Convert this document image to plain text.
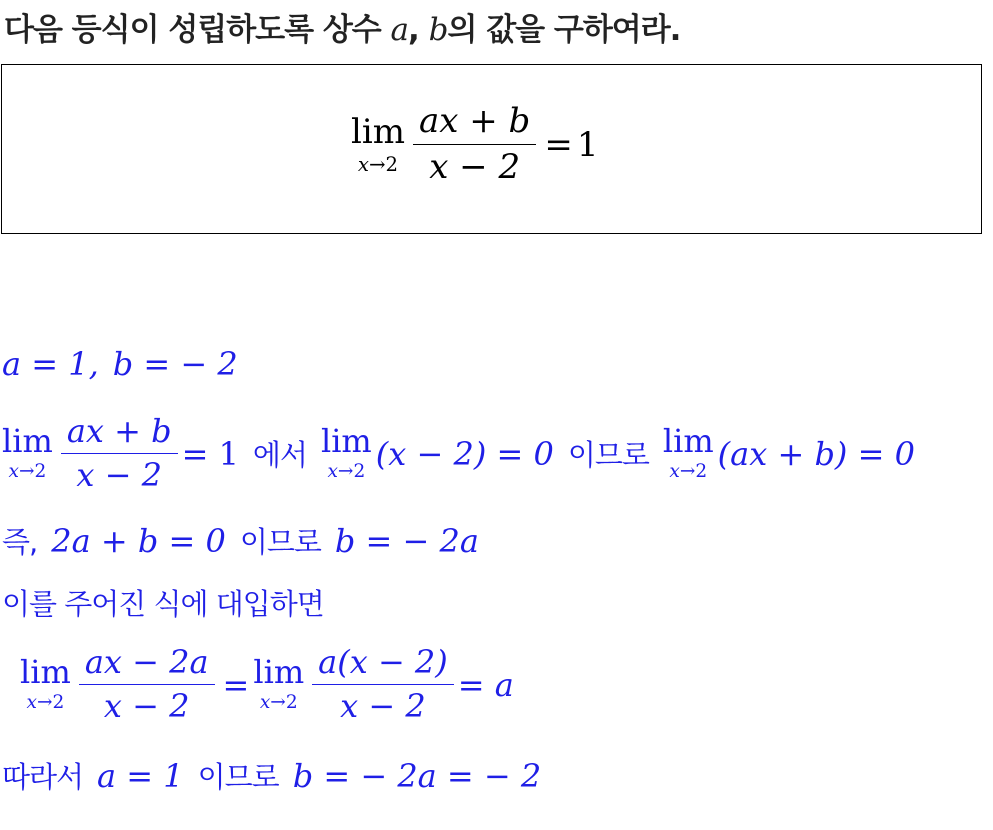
다음 등식이 성립하도록 상수 a, b의 값을 구하여라.
lim
$x\to 2 \frac{ax + b}{x - 2} = 1$
a = 1, b = − 2
lim
$x\to 2 \frac{ax + b}{x - 2} = 1$ 에서 lim
x→2 (x − 2) = 0 이므로 lim
x→2 (ax + b) = 0
즉, 2a + b = 0 이므로 b = − 2a
이를 주어진 식에 대입하면
lim
$x\to 2 \frac{ax - 2a}{x - 2} = \lim$
$x\to 2 \frac{a(x - 2)}{x - 2} = a$
따라서 a = 1 이므로 b = − 2a = − 2
